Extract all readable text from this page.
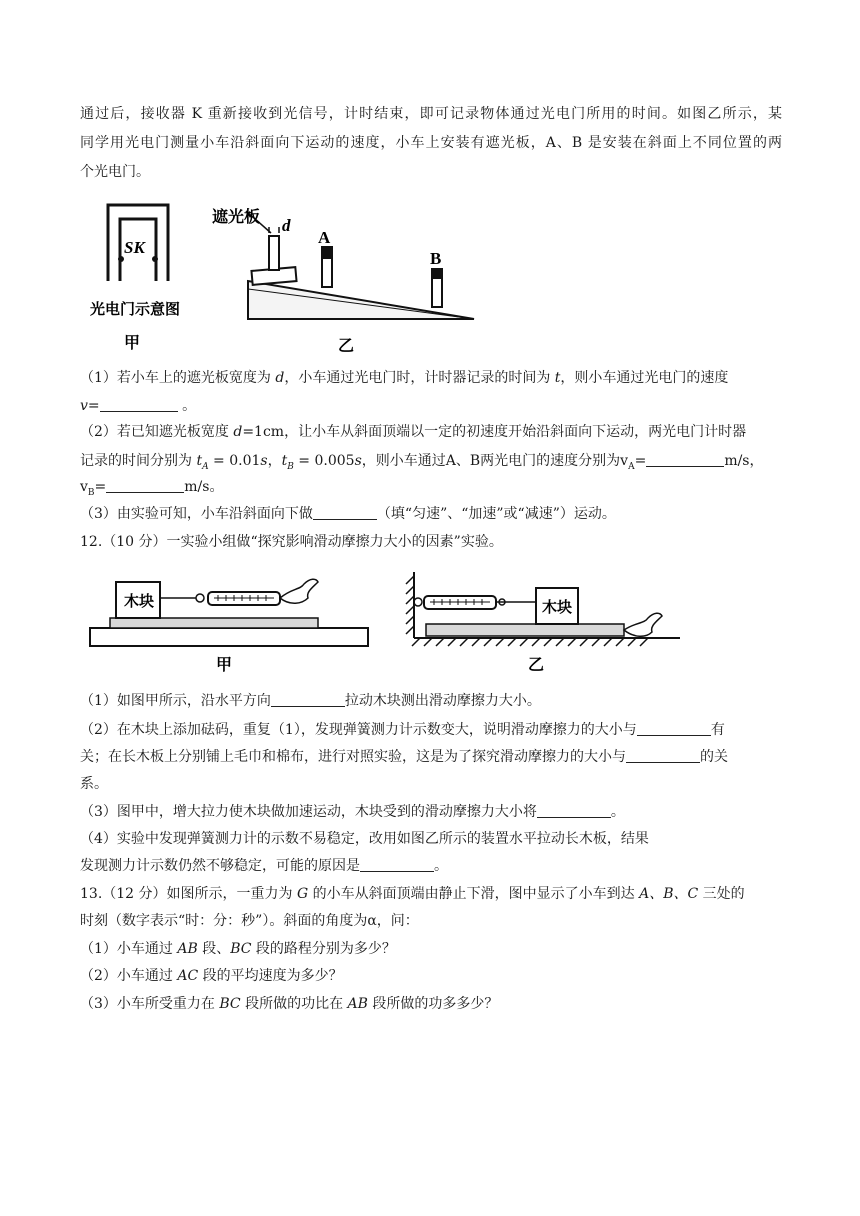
通过后，接收器 K 重新接收到光信号，计时结束，即可记录物体通过光电门所用的时间。如图乙所示，某
同学用光电门测量小车沿斜面向下运动的速度，小车上安装有遮光板，A、B 是安装在斜面上不同位置的两
个光电门。
SK
光电门示意图
甲
遮光板 d
A
B
乙
（1）若小车上的遮光板宽度为 d，小车通过光电门时，计时器记录的时间为 t，则小车通过光电门的速度
v=	。
（2）若已知遮光板宽度 d=1cm，让小车从斜面顶端以一定的初速度开始沿斜面向下运动，两光电门计时器
记录的时间分别为 $t_A = 0.01s$，$t_B = 0.005s$，则小车通过A、B两光电门的速度分别为$v_A=$	m/s，
$v_B=$	m/s。
（3）由实验可知，小车沿斜面向下做	（填“匀速”、“加速”或“减速”）运动。
12.（10 分）一实验小组做“探究影响滑动摩擦力大小的因素”实验。
木块
甲
木块
乙
（1）如图甲所示，沿水平方向	拉动木块测出滑动摩擦力大小。
（2）在木块上添加砝码，重复（1），发现弹簧测力计示数变大，说明滑动摩擦力的大小与	有
关；在长木板上分别铺上毛巾和棉布，进行对照实验，这是为了探究滑动摩擦力的大小与	的关
系。
（3）图甲中，增大拉力使木块做加速运动，木块受到的滑动摩擦力大小将	。
（4）实验中发现弹簧测力计的示数不易稳定，改用如图乙所示的装置水平拉动长木板，结果
发现测力计示数仍然不够稳定，可能的原因是	。
13.（12 分）如图所示，一重力为 G 的小车从斜面顶端由静止下滑，图中显示了小车到达 A、B、C 三处的
时刻（数字表示“时：分：秒”）。斜面的角度为α，问：
（1）小车通过 AB 段、BC 段的路程分别为多少？
（2）小车通过 AC 段的平均速度为多少？
（3）小车所受重力在 BC 段所做的功比在 AB 段所做的功多多少？
